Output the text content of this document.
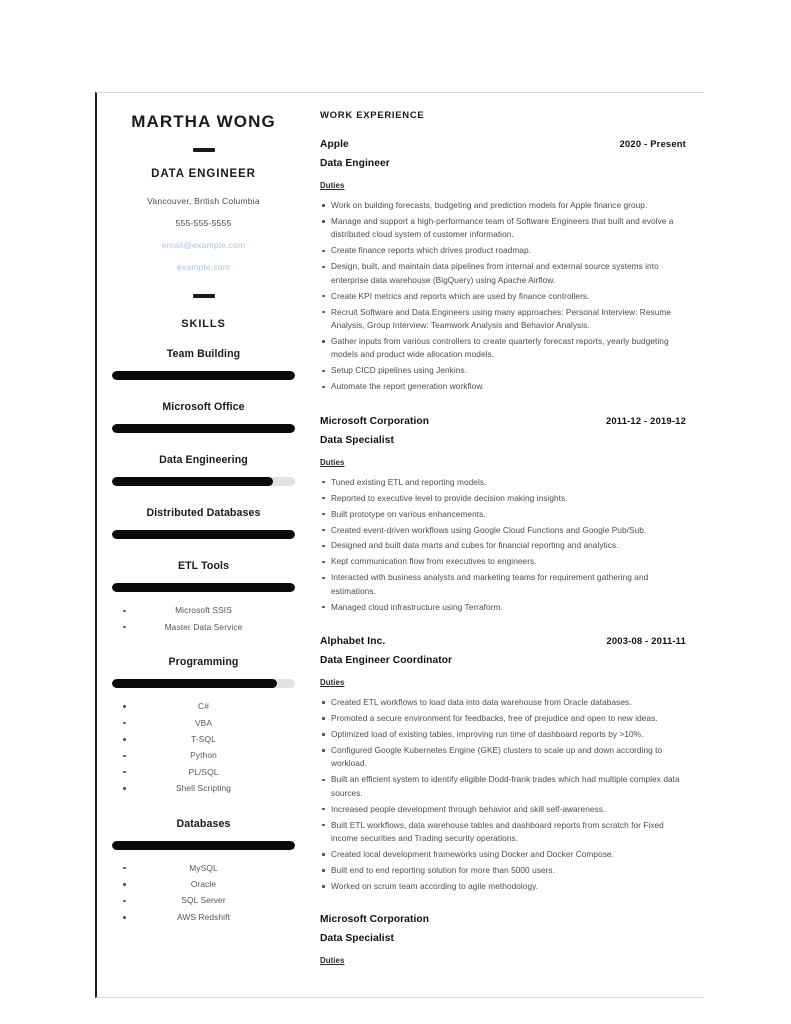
MARTHA WONG
DATA ENGINEER
Vancouver, British Columbia
555-555-5555
email@example.com
example.com
SKILLS
Team Building
Microsoft Office
Data Engineering
Distributed Databases
ETL Tools
Microsoft SSIS
Master Data Service
Programming
C#
VBA
T-SQL
Python
PL/SQL
Shell Scripting
Databases
MySQL
Oracle
SQL Server
AWS Redshift
WORK EXPERIENCE
Apple	2020 - Present
Data Engineer
Duties
Work on building forecasts, budgeting and prediction models for Apple finance group.
Manage and support a high-performance team of Software Engineers that built and evolve a distributed cloud system of customer information.
Create finance reports which drives product roadmap.
Design, built, and maintain data pipelines from internal and external source systems into enterprise data warehouse (BigQuery) using Apache Airflow.
Create KPI metrics and reports which are used by finance controllers.
Recruit Software and Data Engineers using many approaches: Personal Interview: Resume Analysis, Group Interview: Teamwork Analysis and Behavior Analysis.
Gather inputs from various controllers to create quarterly forecast reports, yearly budgeting models and product wide allocation models.
Setup CICD pipelines using Jenkins.
Automate the report generation workflow.
Microsoft Corporation	2011-12 - 2019-12
Data Specialist
Duties
Tuned existing ETL and reporting models.
Reported to executive level to provide decision making insights.
Built prototype on various enhancements.
Created event-driven workflows using Google Cloud Functions and Google Pub/Sub.
Designed and built data marts and cubes for financial reporting and analytics.
Kept communication flow from executives to engineers.
Interacted with business analysts and marketing teams for requirement gathering and estimations.
Managed cloud infrastructure using Terraform.
Alphabet Inc.	2003-08 - 2011-11
Data Engineer Coordinator
Duties
Created ETL workflows to load data into data warehouse from Oracle databases.
Promoted a secure environment for feedbacks, free of prejudice and open to new ideas.
Optimized load of existing tables, improving run time of dashboard reports by >10%.
Configured Google Kubernetes Engine (GKE) clusters to scale up and down according to workload.
Built an efficient system to identify eligible Dodd-frank trades which had multiple complex data sources.
Increased people development through behavior and skill self-awareness.
Built ETL workflows, data warehouse tables and dashboard reports from scratch for Fixed income securities and Trading security operations.
Created local development frameworks using Docker and Docker Compose.
Built end to end reporting solution for more than 5000 users.
Worked on scrum team according to agile methodology.
Microsoft Corporation
Data Specialist
Duties
